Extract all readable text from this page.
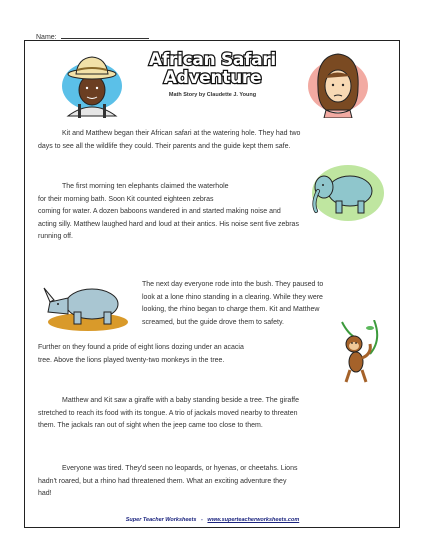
Name:
African Safari
Adventure
Math Story by Claudette J. Young
Kit and Matthew began their African safari at the watering hole. They had two
days to see all the wildlife they could. Their parents and the guide kept them safe.
The first morning ten elephants claimed the waterhole
for their morning bath. Soon Kit counted eighteen zebras
coming for water. A dozen baboons wandered in and started making noise and
acting silly. Matthew laughed hard and loud at their antics. His noise sent five zebras
running off.
The next day everyone rode into the bush. They paused to
look at a lone rhino standing in a clearing. While they were
looking, the rhino began to charge them. Kit and Matthew
screamed, but the guide drove them to safety.
Further on they found a pride of eight lions dozing under an acacia
tree. Above the lions played twenty-two monkeys in the tree.
Matthew and Kit saw a giraffe with a baby standing beside a tree. The giraffe
stretched to reach its food with its tongue. A trio of jackals moved nearby to threaten
them. The jackals ran out of sight when the jeep came too close to them.
Everyone was tired. They'd seen no leopards, or hyenas, or cheetahs. Lions
hadn't roared, but a rhino had threatened them. What an exciting adventure they
had!
Super Teacher Worksheets - www.superteacherworksheets.com
